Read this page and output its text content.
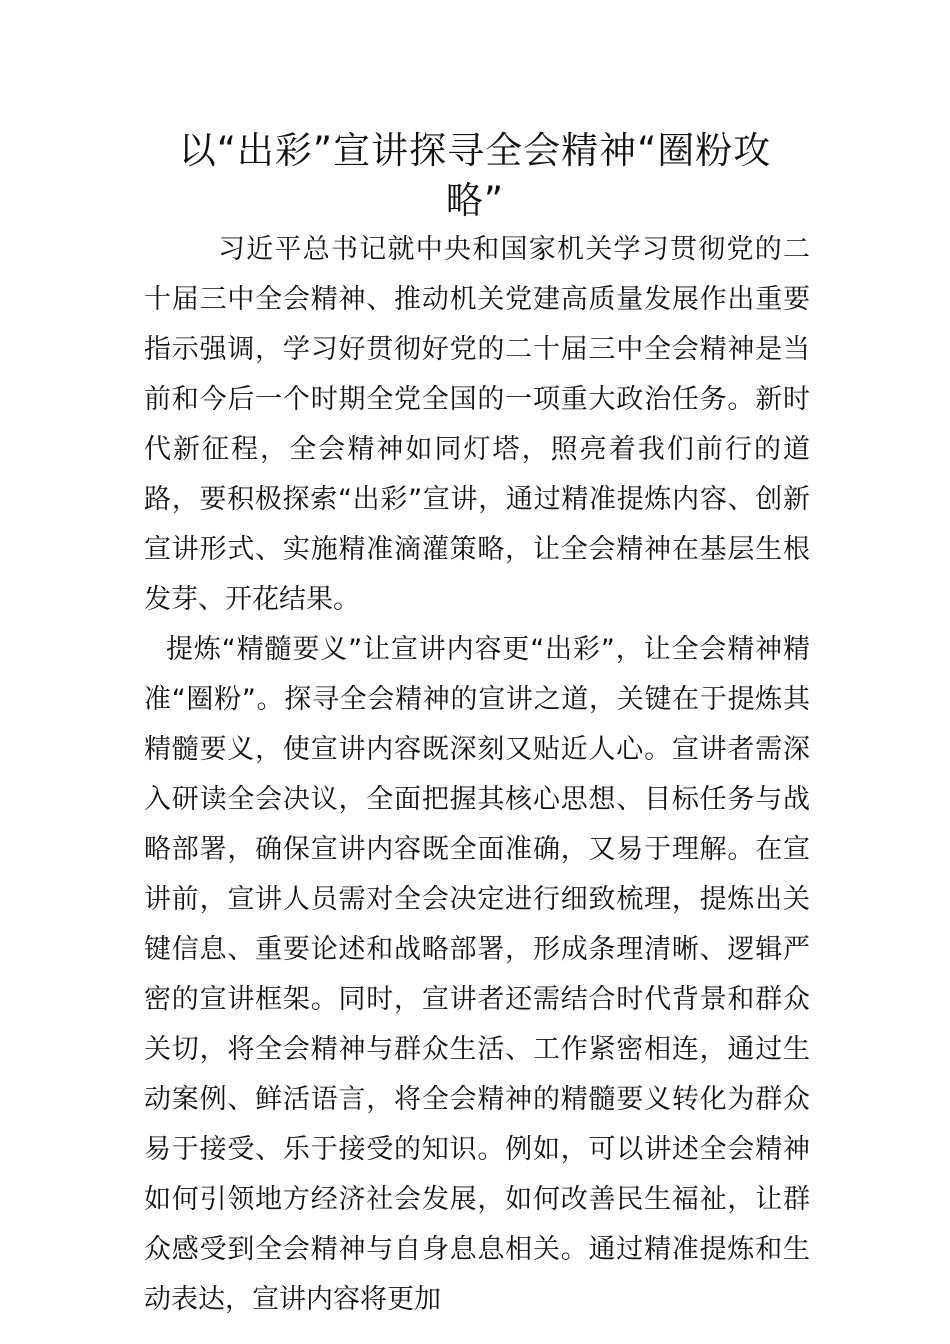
以“出彩”宣讲探寻全会精神“圈粉攻略”

习近平总书记就中央和国家机关学习贯彻党的二十届三中全会精神、推动机关党建高质量发展作出重要指示强调，学习好贯彻好党的二十届三中全会精神是当前和今后一个时期全党全国的一项重大政治任务。新时代新征程，全会精神如同灯塔，照亮着我们前行的道路，要积极探索“出彩”宣讲，通过精准提炼内容、创新宣讲形式、实施精准滴灌策略，让全会精神在基层生根发芽、开花结果。

提炼“精髓要义”让宣讲内容更“出彩”，让全会精神精准“圈粉”。探寻全会精神的宣讲之道，关键在于提炼其精髓要义，使宣讲内容既深刻又贴近人心。宣讲者需深入研读全会决议，全面把握其核心思想、目标任务与战略部署，确保宣讲内容既全面准确，又易于理解。在宣讲前，宣讲人员需对全会决定进行细致梳理，提炼出关键信息、重要论述和战略部署，形成条理清晰、逻辑严密的宣讲框架。同时，宣讲者还需结合时代背景和群众关切，将全会精神与群众生活、工作紧密相连，通过生动案例、鲜活语言，将全会精神的精髓要义转化为群众易于接受、乐于接受的知识。例如，可以讲述全会精神如何引领地方经济社会发展，如何改善民生福祉，让群众感受到全会精神与自身息息相关。通过精准提炼和生动表达，宣讲内容将更加
